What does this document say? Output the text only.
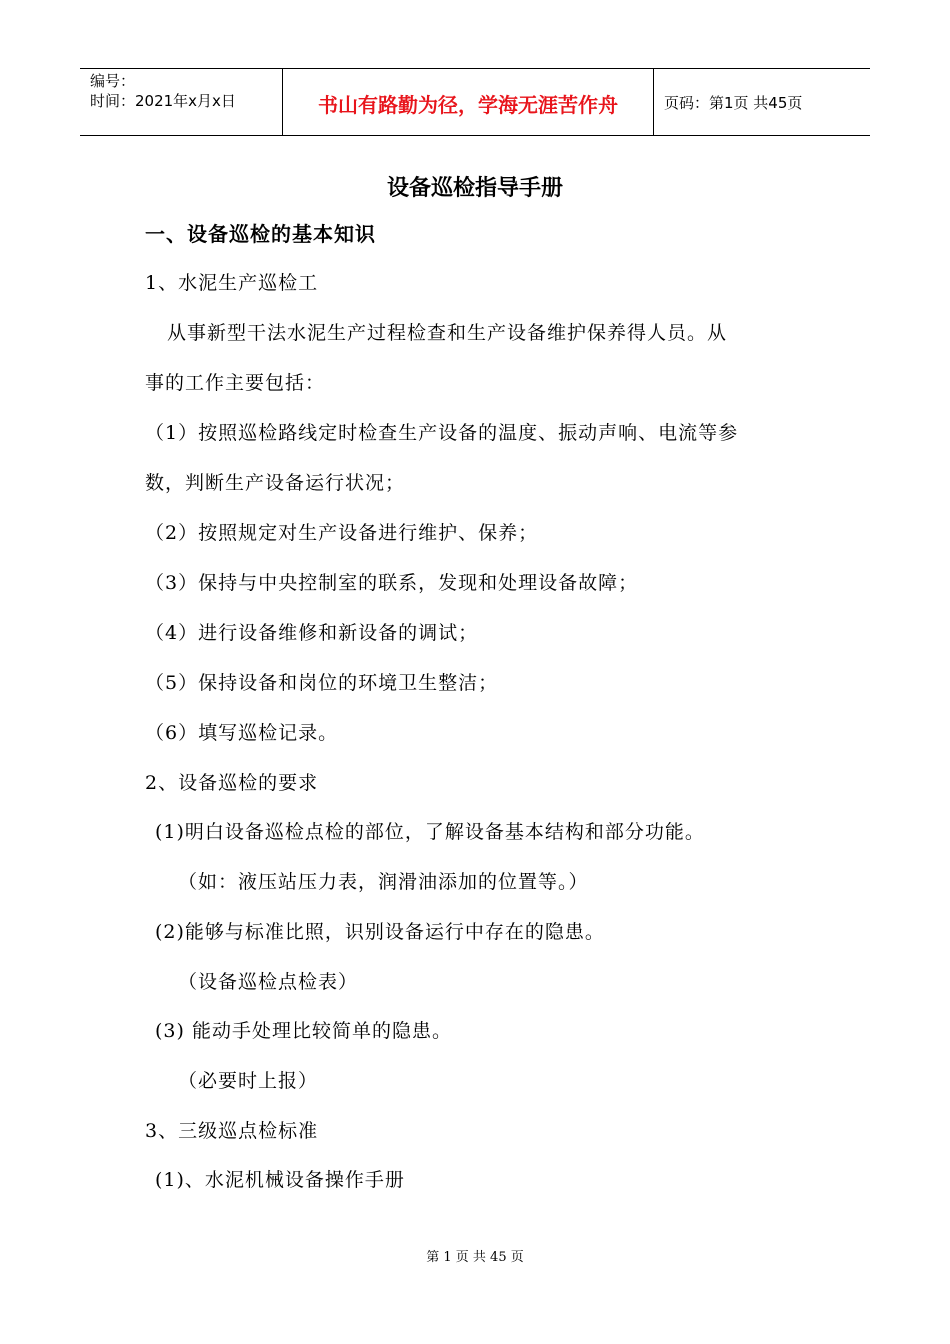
编号：
时间：2021年x月x日	书山有路勤为径，学海无涯苦作舟	页码：第1页 共45页
设备巡检指导手册
一、设备巡检的基本知识
1、水泥生产巡检工
从事新型干法水泥生产过程检查和生产设备维护保养得人员。从
事的工作主要包括：
（1）按照巡检路线定时检查生产设备的温度、振动声响、电流等参
数，判断生产设备运行状况；
（2）按照规定对生产设备进行维护、保养；
（3）保持与中央控制室的联系，发现和处理设备故障；
（4）进行设备维修和新设备的调试；
（5）保持设备和岗位的环境卫生整洁；
（6）填写巡检记录。
2、设备巡检的要求
(1)明白设备巡检点检的部位，了解设备基本结构和部分功能。
（如：液压站压力表，润滑油添加的位置等。）
(2)能够与标准比照，识别设备运行中存在的隐患。
（设备巡检点检表）
(3) 能动手处理比较简单的隐患。
（必要时上报）
3、三级巡点检标准
(1)、水泥机械设备操作手册
第 1 页 共 45 页
